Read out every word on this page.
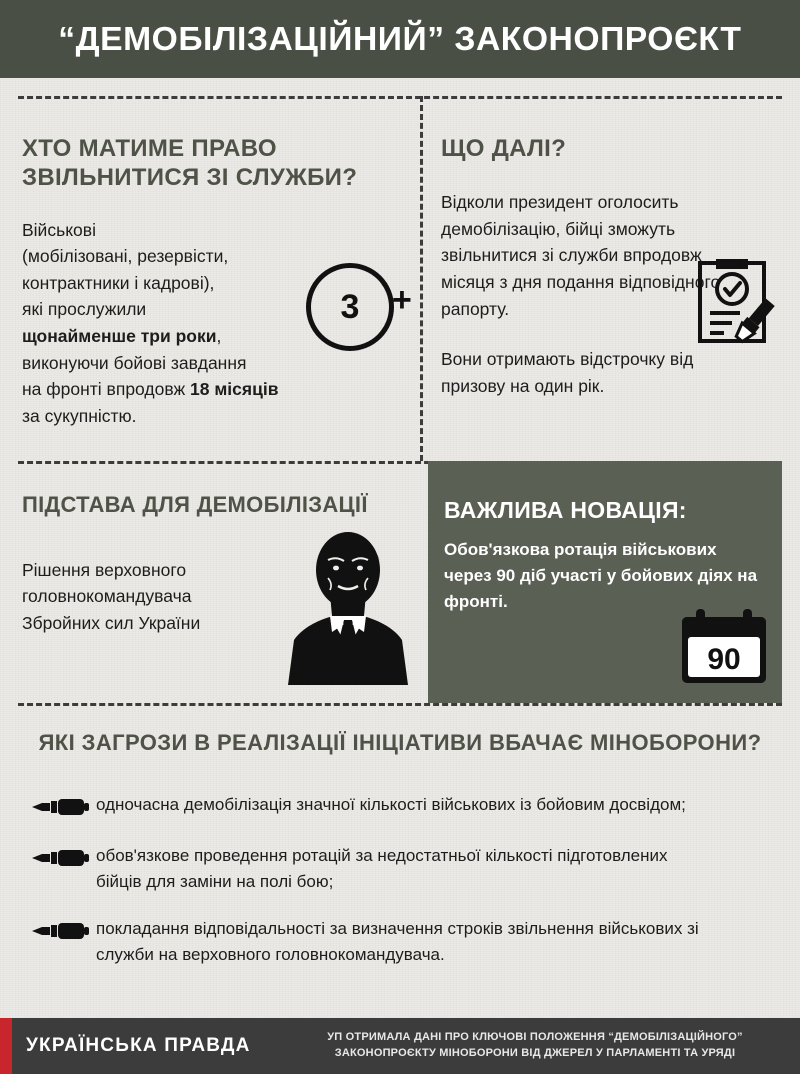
“ДЕМОБІЛІЗАЦІЙНИЙ” ЗАКОНОПРОЄКТ
ХТО МАТИМЕ ПРАВО ЗВІЛЬНИТИСЯ ЗІ СЛУЖБИ?
Військові
(мобілізовані, резервісти,
контрактники і кадрові),
які прослужили
щонайменше три роки,
виконуючи бойові завдання
на фронті впродовж 18 місяців
за сукупністю.
3 +
ЩО ДАЛІ?
Відколи президент оголосить демобілізацію, бійці зможуть звільнитися зі служби впродовж місяця з дня подання відповідного рапорту.
Вони отримають відстрочку від призову на один рік.
ПІДСТАВА ДЛЯ ДЕМОБІЛІЗАЦІЇ
Рішення верховного головнокомандувача Збройних сил України
ВАЖЛИВА НОВАЦІЯ:
Обов'язкова ротація військових через 90 діб участі у бойових діях на фронті.
90
ЯКІ ЗАГРОЗИ В РЕАЛІЗАЦІЇ ІНІЦІАТИВИ ВБАЧАЄ МІНОБОРОНИ?
одночасна демобілізація значної кількості військових із бойовим досвідом;
обов'язкове проведення ротацій за недостатньої кількості підготовлених бійців для заміни на полі бою;
покладання відповідальності за визначення строків звільнення військових зі служби на верховного головнокомандувача.
УКРАЇНСЬКА ПРАВДА	УП ОТРИМАЛА ДАНІ ПРО КЛЮЧОВІ ПОЛОЖЕННЯ “ДЕМОБІЛІЗАЦІЙНОГО”
ЗАКОНОПРОЄКТУ МІНОБОРОНИ ВІД ДЖЕРЕЛ У ПАРЛАМЕНТІ ТА УРЯДІ
